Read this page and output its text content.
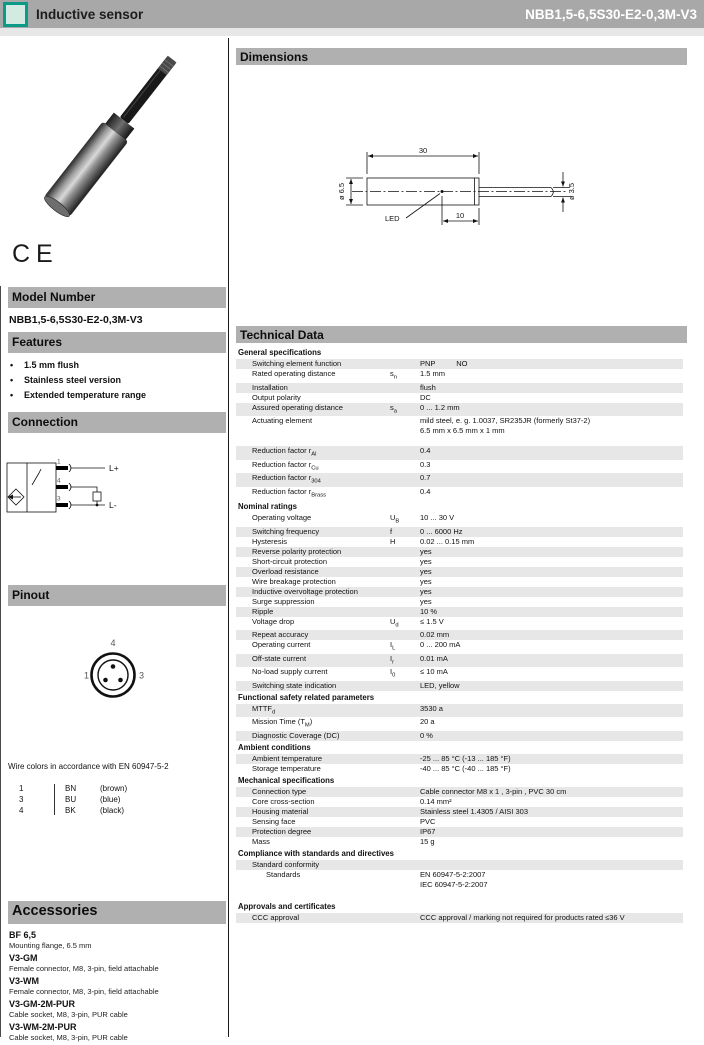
Inductive sensor	NBB1,5-6,5S30-E2-0,3M-V3
CE
Model Number
NBB1,5-6,5S30-E2-0,3M-V3
Features
•	1.5 mm flush
•	Stainless steel version
•	Extended temperature range
Connection
1
L+
4
3
L-
Pinout
4
1	3
Wire colors in accordance with EN 60947-5-2
1	BN	(brown)
3	BU	(blue)
4	BK	(black)
Accessories
BF 6,5
Mounting flange, 6.5 mm
V3-GM
Female connector, M8, 3-pin, field attachable
V3-WM
Female connector, M8, 3-pin, field attachable
V3-GM-2M-PUR
Cable socket, M8, 3-pin, PUR cable
V3-WM-2M-PUR
Cable socket, M8, 3-pin, PUR cable
Dimensions
LED
30
ø 6.5	ø 3.5
10
Technical Data
General specifications
Switching element function	PNP          NO
Rated operating distance	$s_n$	1.5 mm
Installation	flush
Output polarity	DC
Assured operating distance	$s_a$	0 ... 1.2 mm
Actuating element	mild steel, e. g. 1.0037, SR235JR (formerly St37-2)
6.5 mm x 6.5 mm x 1 mm
Reduction factor $r_{Al}$	0.4
Reduction factor $r_{Cu}$	0.3
Reduction factor $r_{304}$	0.7
Reduction factor $r_{Brass}$	0.4
Nominal ratings
Operating voltage	$U_B$	10 ... 30 V
Switching frequency	f	0 ... 6000 Hz
Hysteresis	H	0.02 ... 0.15 mm
Reverse polarity protection	yes
Short-circuit protection	yes
Overload resistance	yes
Wire breakage protection	yes
Inductive overvoltage protection	yes
Surge suppression	yes
Ripple	10 %
Voltage drop	$U_d$	≤ 1.5 V
Repeat accuracy	0.02 mm
Operating current	$I_L$	0 ... 200 mA
Off-state current	$I_r$	0.01 mA
No-load supply current	$I_0$	≤ 10 mA
Switching state indication	LED, yellow
Functional safety related parameters
$MTTF_d$	3530 a
Mission Time $(T_M)$	20 a
Diagnostic Coverage (DC)	0 %
Ambient conditions
Ambient temperature	-25 ... 85 °C (-13 ... 185 °F)
Storage temperature	-40 ... 85 °C (-40 ... 185 °F)
Mechanical specifications
Connection type	Cable connector M8 x 1 , 3-pin , PVC 30 cm
Core cross-section	0.14 mm²
Housing material	Stainless steel 1.4305 / AISI 303
Sensing face	PVC
Protection degree	IP67
Mass	15 g
Compliance with standards and directives
Standard conformity
Standards	EN 60947-5-2:2007
IEC 60947-5-2:2007
Approvals and certificates
CCC approval	CCC approval / marking not required for products rated ≤36 V
